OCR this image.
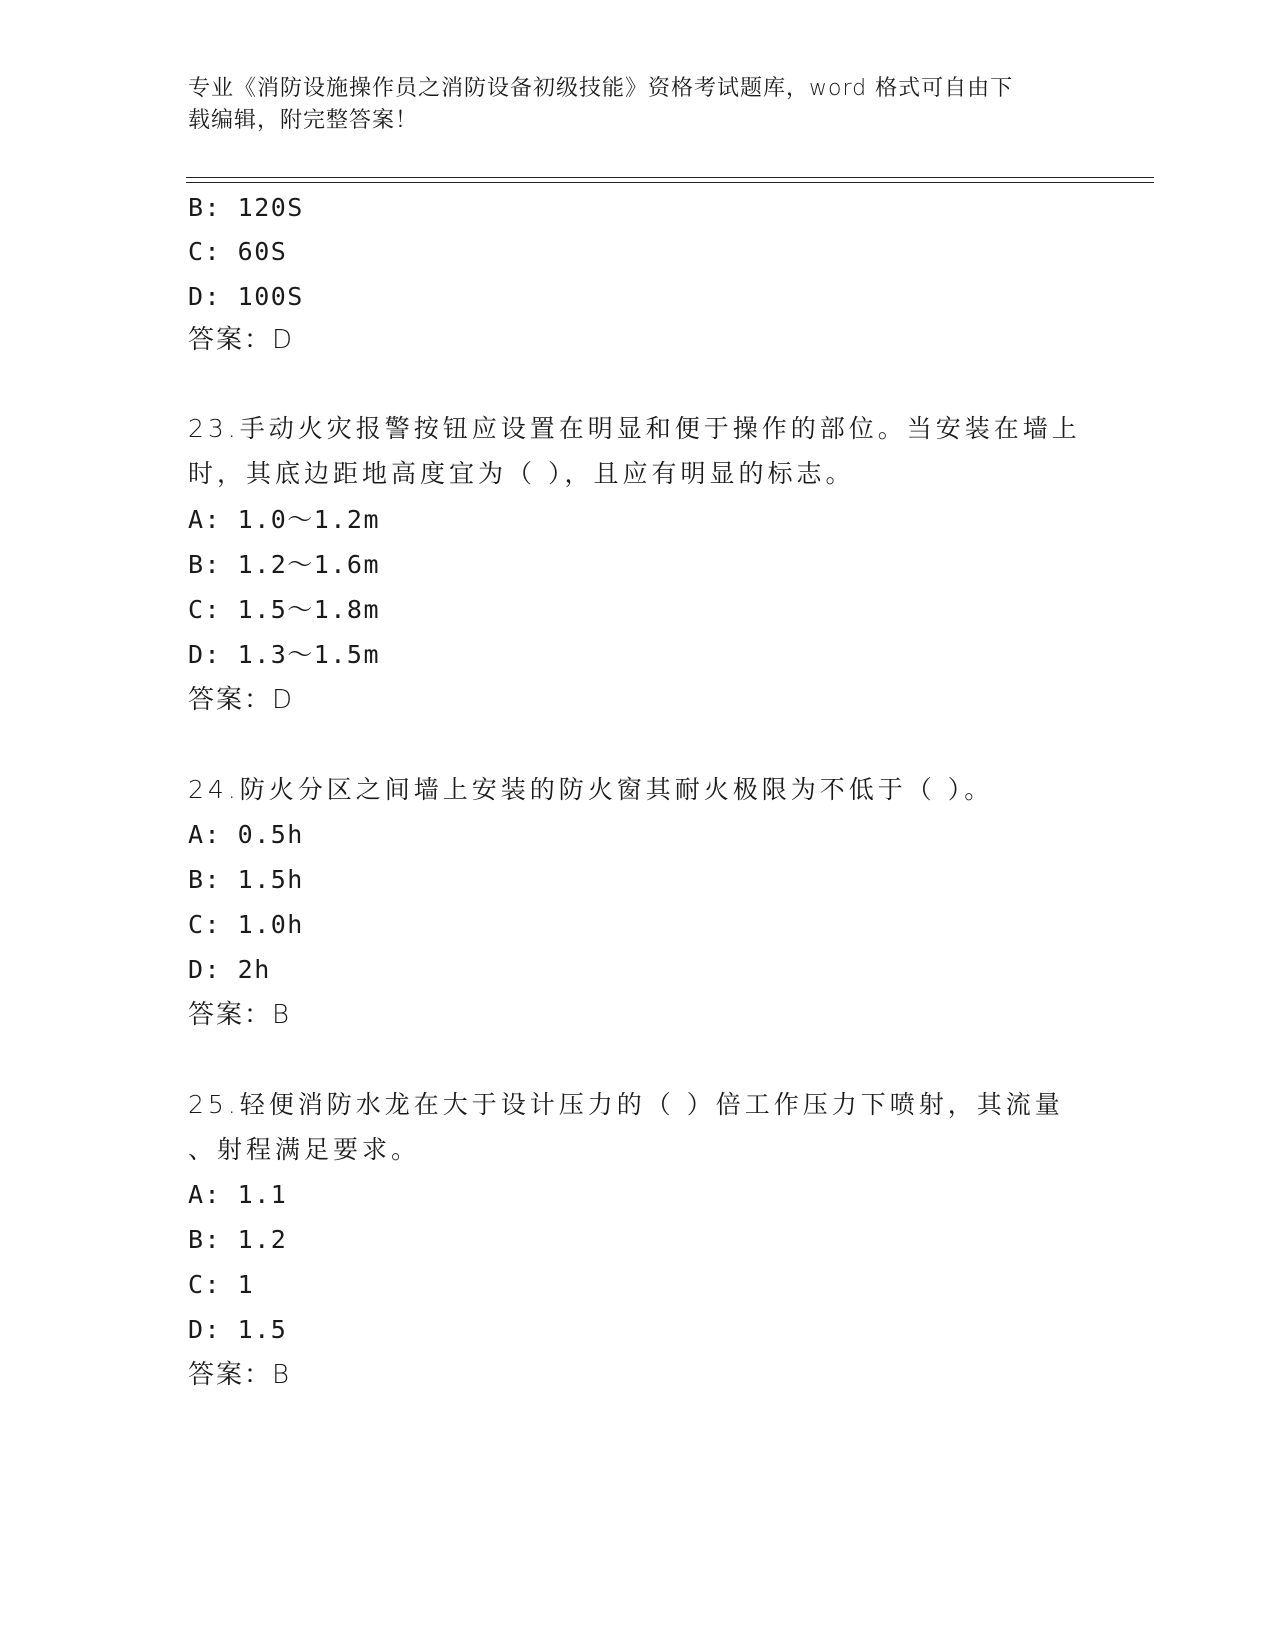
专业《消防设施操作员之消防设备初级技能》资格考试题库，word 格式可自由下
载编辑，附完整答案！
B: 120S
C: 60S
D: 100S
答案：D
23.手动火灾报警按钮应设置在明显和便于操作的部位。当安装在墙上
时，其底边距地高度宜为（ ），且应有明显的标志。
A: 1.0～1.2m
B: 1.2～1.6m
C: 1.5～1.8m
D: 1.3～1.5m
答案：D
24.防火分区之间墙上安装的防火窗其耐火极限为不低于（ ）。
A: 0.5h
B: 1.5h
C: 1.0h
D: 2h
答案：B
25.轻便消防水龙在大于设计压力的（ ）倍工作压力下喷射，其流量
、射程满足要求。
A: 1.1
B: 1.2
C: 1
D: 1.5
答案：B
